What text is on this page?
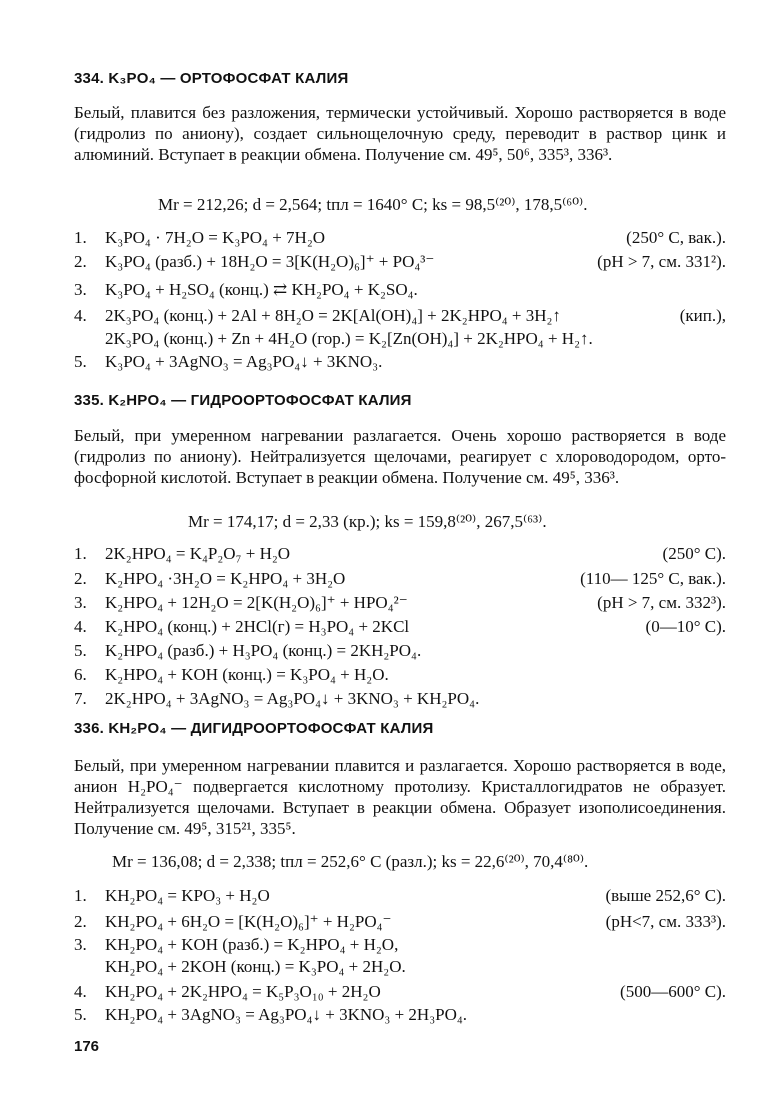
334. K₃PO₄ — ОРТОФОСФАТ КАЛИЯ
Белый, плавится без разложения, термически устойчивый. Хорошо растворяется в воде (гидролиз по аниону), создает сильнощелочную среду, переводит в раствор цинк и алюминий. Вступает в реакции обмена. Получение см. 49⁵, 50⁶, 335³, 336³.
Mr = 212,26; d = 2,564; tпл = 1640° C; ks = 98,5⁽²⁰⁾, 178,5⁽⁶⁰⁾.
1. K₃PO₄ · 7H₂O = K₃PO₄ + 7H₂O	(250° C, вак.).
2. K₃PO₄ (разб.) + 18H₂O = 3[K(H₂O)₆]⁺ + PO₄³⁻	(pH > 7, см. 331²).
3. K₃PO₄ + H₂SO₄ (конц.) ⇄ KH₂PO₄ + K₂SO₄.
4. 2K₃PO₄ (конц.) + 2Al + 8H₂O = 2K[Al(OH)₄] + 2K₂HPO₄ + 3H₂↑	(кип.),
2K₃PO₄ (конц.) + Zn + 4H₂O (гор.) = K₂[Zn(OH)₄] + 2K₂HPO₄ + H₂↑.
5. K₃PO₄ + 3AgNO₃ = Ag₃PO₄↓ + 3KNO₃.
335. K₂HPO₄ — ГИДРООРТОФОСФАТ КАЛИЯ
Белый, при умеренном нагревании разлагается. Очень хорошо растворяется в воде (гидролиз по аниону). Нейтрализуется щелочами, реагирует с хлороводородом, орто-фосфорной кислотой. Вступает в реакции обмена. Получение см. 49⁵, 336³.
Mr = 174,17; d = 2,33 (кр.); ks = 159,8⁽²⁰⁾, 267,5⁽⁶³⁾.
1. 2K₂HPO₄ = K₄P₂O₇ + H₂O	(250° C).
2. K₂HPO₄ ·3H₂O = K₂HPO₄ + 3H₂O	(110— 125° C, вак.).
3. K₂HPO₄ + 12H₂O = 2[K(H₂O)₆]⁺ + HPO₄²⁻	(pH > 7, см. 332³).
4. K₂HPO₄ (конц.) + 2HCl(г) = H₃PO₄ + 2KCl	(0—10° C).
5. K₂HPO₄ (разб.) + H₃PO₄ (конц.) = 2KH₂PO₄.
6. K₂HPO₄ + KOH (конц.) = K₃PO₄ + H₂O.
7. 2K₂HPO₄ + 3AgNO₃ = Ag₃PO₄↓ + 3KNO₃ + KH₂PO₄.
336. KH₂PO₄ — ДИГИДРООРТОФОСФАТ КАЛИЯ
Белый, при умеренном нагревании плавится и разлагается. Хорошо растворяется в воде, анион H₂PO₄⁻ подвергается кислотному протолизу. Кристаллогидратов не образует. Нейтрализуется щелочами. Вступает в реакции обмена. Образует изополисоединения. Получение см. 49⁵, 315²¹, 335⁵.
Mr = 136,08; d = 2,338; tпл = 252,6° C (разл.); ks = 22,6⁽²⁰⁾, 70,4⁽⁸⁰⁾.
1. KH₂PO₄ = KPO₃ + H₂O	(выше 252,6° C).
2. KH₂PO₄ + 6H₂O = [K(H₂O)₆]⁺ + H₂PO₄⁻	(pH<7, см. 333³).
3. KH₂PO₄ + KOH (разб.) = K₂HPO₄ + H₂O,
KH₂PO₄ + 2KOH (конц.) = K₃PO₄ + 2H₂O.
4. KH₂PO₄ + 2K₂HPO₄ = K₅P₃O₁₀ + 2H₂O	(500—600° C).
5. KH₂PO₄ + 3AgNO₃ = Ag₃PO₄↓ + 3KNO₃ + 2H₃PO₄.
176
